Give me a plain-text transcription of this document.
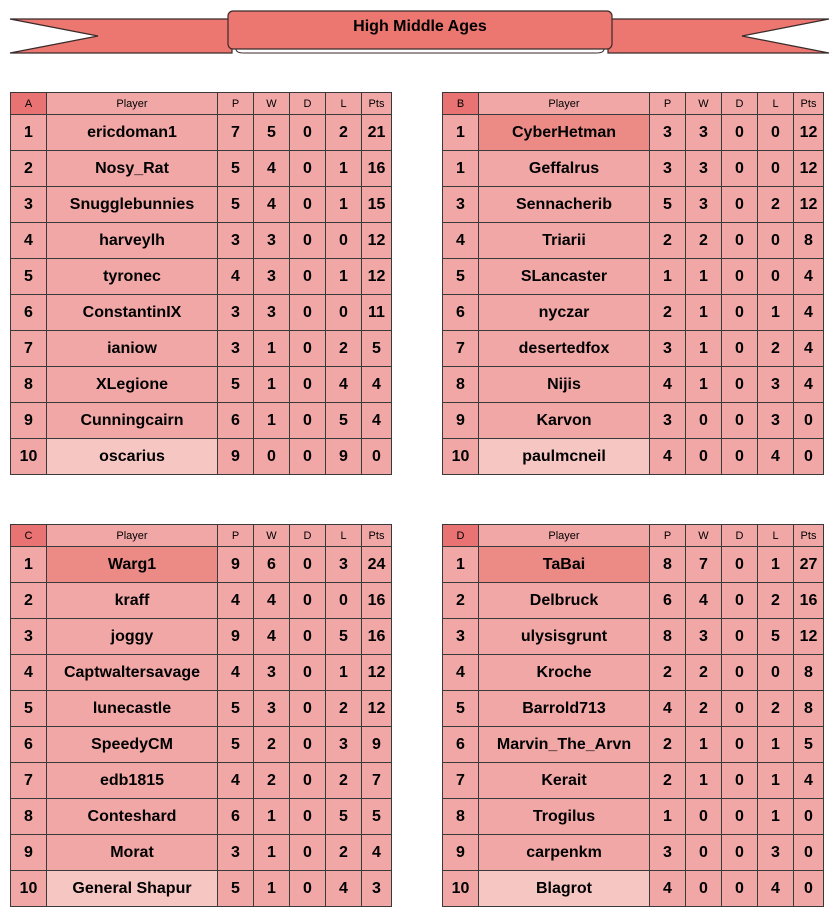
High Middle Ages
A	Player	P	W	D	L	Pts
1	ericdoman1	7	5	0	2	21
2	Nosy_Rat	5	4	0	1	16
3	Snugglebunnies	5	4	0	1	15
4	harveylh	3	3	0	0	12
5	tyronec	4	3	0	1	12
6	ConstantinIX	3	3	0	0	11
7	ianiow	3	1	0	2	5
8	XLegione	5	1	0	4	4
9	Cunningcairn	6	1	0	5	4
10	oscarius	9	0	0	9	0
B	Player	P	W	D	L	Pts
1	CyberHetman	3	3	0	0	12
1	Geffalrus	3	3	0	0	12
3	Sennacherib	5	3	0	2	12
4	Triarii	2	2	0	0	8
5	SLancaster	1	1	0	0	4
6	nyczar	2	1	0	1	4
7	desertedfox	3	1	0	2	4
8	Nijis	4	1	0	3	4
9	Karvon	3	0	0	3	0
10	paulmcneil	4	0	0	4	0
C	Player	P	W	D	L	Pts
1	Warg1	9	6	0	3	24
2	kraff	4	4	0	0	16
3	joggy	9	4	0	5	16
4	Captwaltersavage	4	3	0	1	12
5	lunecastle	5	3	0	2	12
6	SpeedyCM	5	2	0	3	9
7	edb1815	4	2	0	2	7
8	Conteshard	6	1	0	5	5
9	Morat	3	1	0	2	4
10	General Shapur	5	1	0	4	3
D	Player	P	W	D	L	Pts
1	TaBai	8	7	0	1	27
2	Delbruck	6	4	0	2	16
3	ulysisgrunt	8	3	0	5	12
4	Kroche	2	2	0	0	8
5	Barrold713	4	2	0	2	8
6	Marvin_The_Arvn	2	1	0	1	5
7	Kerait	2	1	0	1	4
8	Trogilus	1	0	0	1	0
9	carpenkm	3	0	0	3	0
10	Blagrot	4	0	0	4	0
